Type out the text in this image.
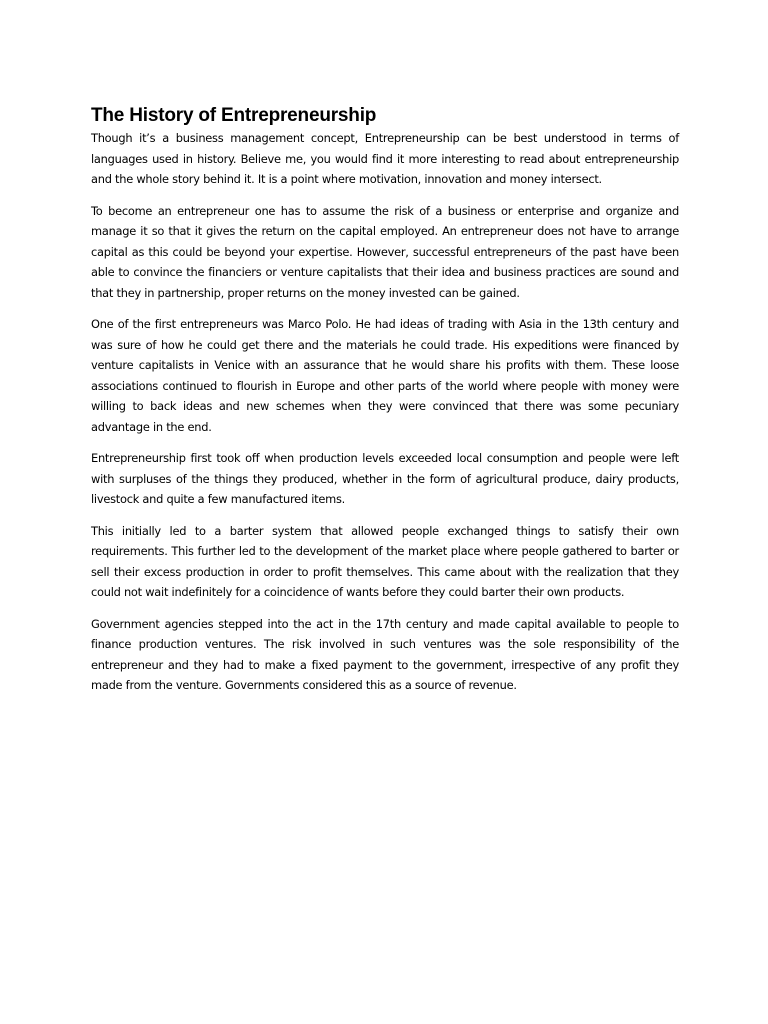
The History of Entrepreneurship

Though it’s a business management concept, Entrepreneurship can be best understood in terms of languages used in history. Believe me, you would find it more interesting to read about entrepreneurship and the whole story behind it. It is a point where motivation, innovation and money intersect.

To become an entrepreneur one has to assume the risk of a business or enterprise and organize and manage it so that it gives the return on the capital employed. An entrepreneur does not have to arrange capital as this could be beyond your expertise. However, successful entrepreneurs of the past have been able to convince the financiers or venture capitalists that their idea and business practices are sound and that they in partnership, proper returns on the money invested can be gained.

One of the first entrepreneurs was Marco Polo. He had ideas of trading with Asia in the 13th century and was sure of how he could get there and the materials he could trade. His expeditions were financed by venture capitalists in Venice with an assurance that he would share his profits with them. These loose associations continued to flourish in Europe and other parts of the world where people with money were willing to back ideas and new schemes when they were convinced that there was some pecuniary advantage in the end.

Entrepreneurship first took off when production levels exceeded local consumption and people were left with surpluses of the things they produced, whether in the form of agricultural produce, dairy products, livestock and quite a few manufactured items.

This initially led to a barter system that allowed people exchanged things to satisfy their own requirements. This further led to the development of the market place where people gathered to barter or sell their excess production in order to profit themselves. This came about with the realization that they could not wait indefinitely for a coincidence of wants before they could barter their own products.

Government agencies stepped into the act in the 17th century and made capital available to people to finance production ventures. The risk involved in such ventures was the sole responsibility of the entrepreneur and they had to make a fixed payment to the government, irrespective of any profit they made from the venture. Governments considered this as a source of revenue.
